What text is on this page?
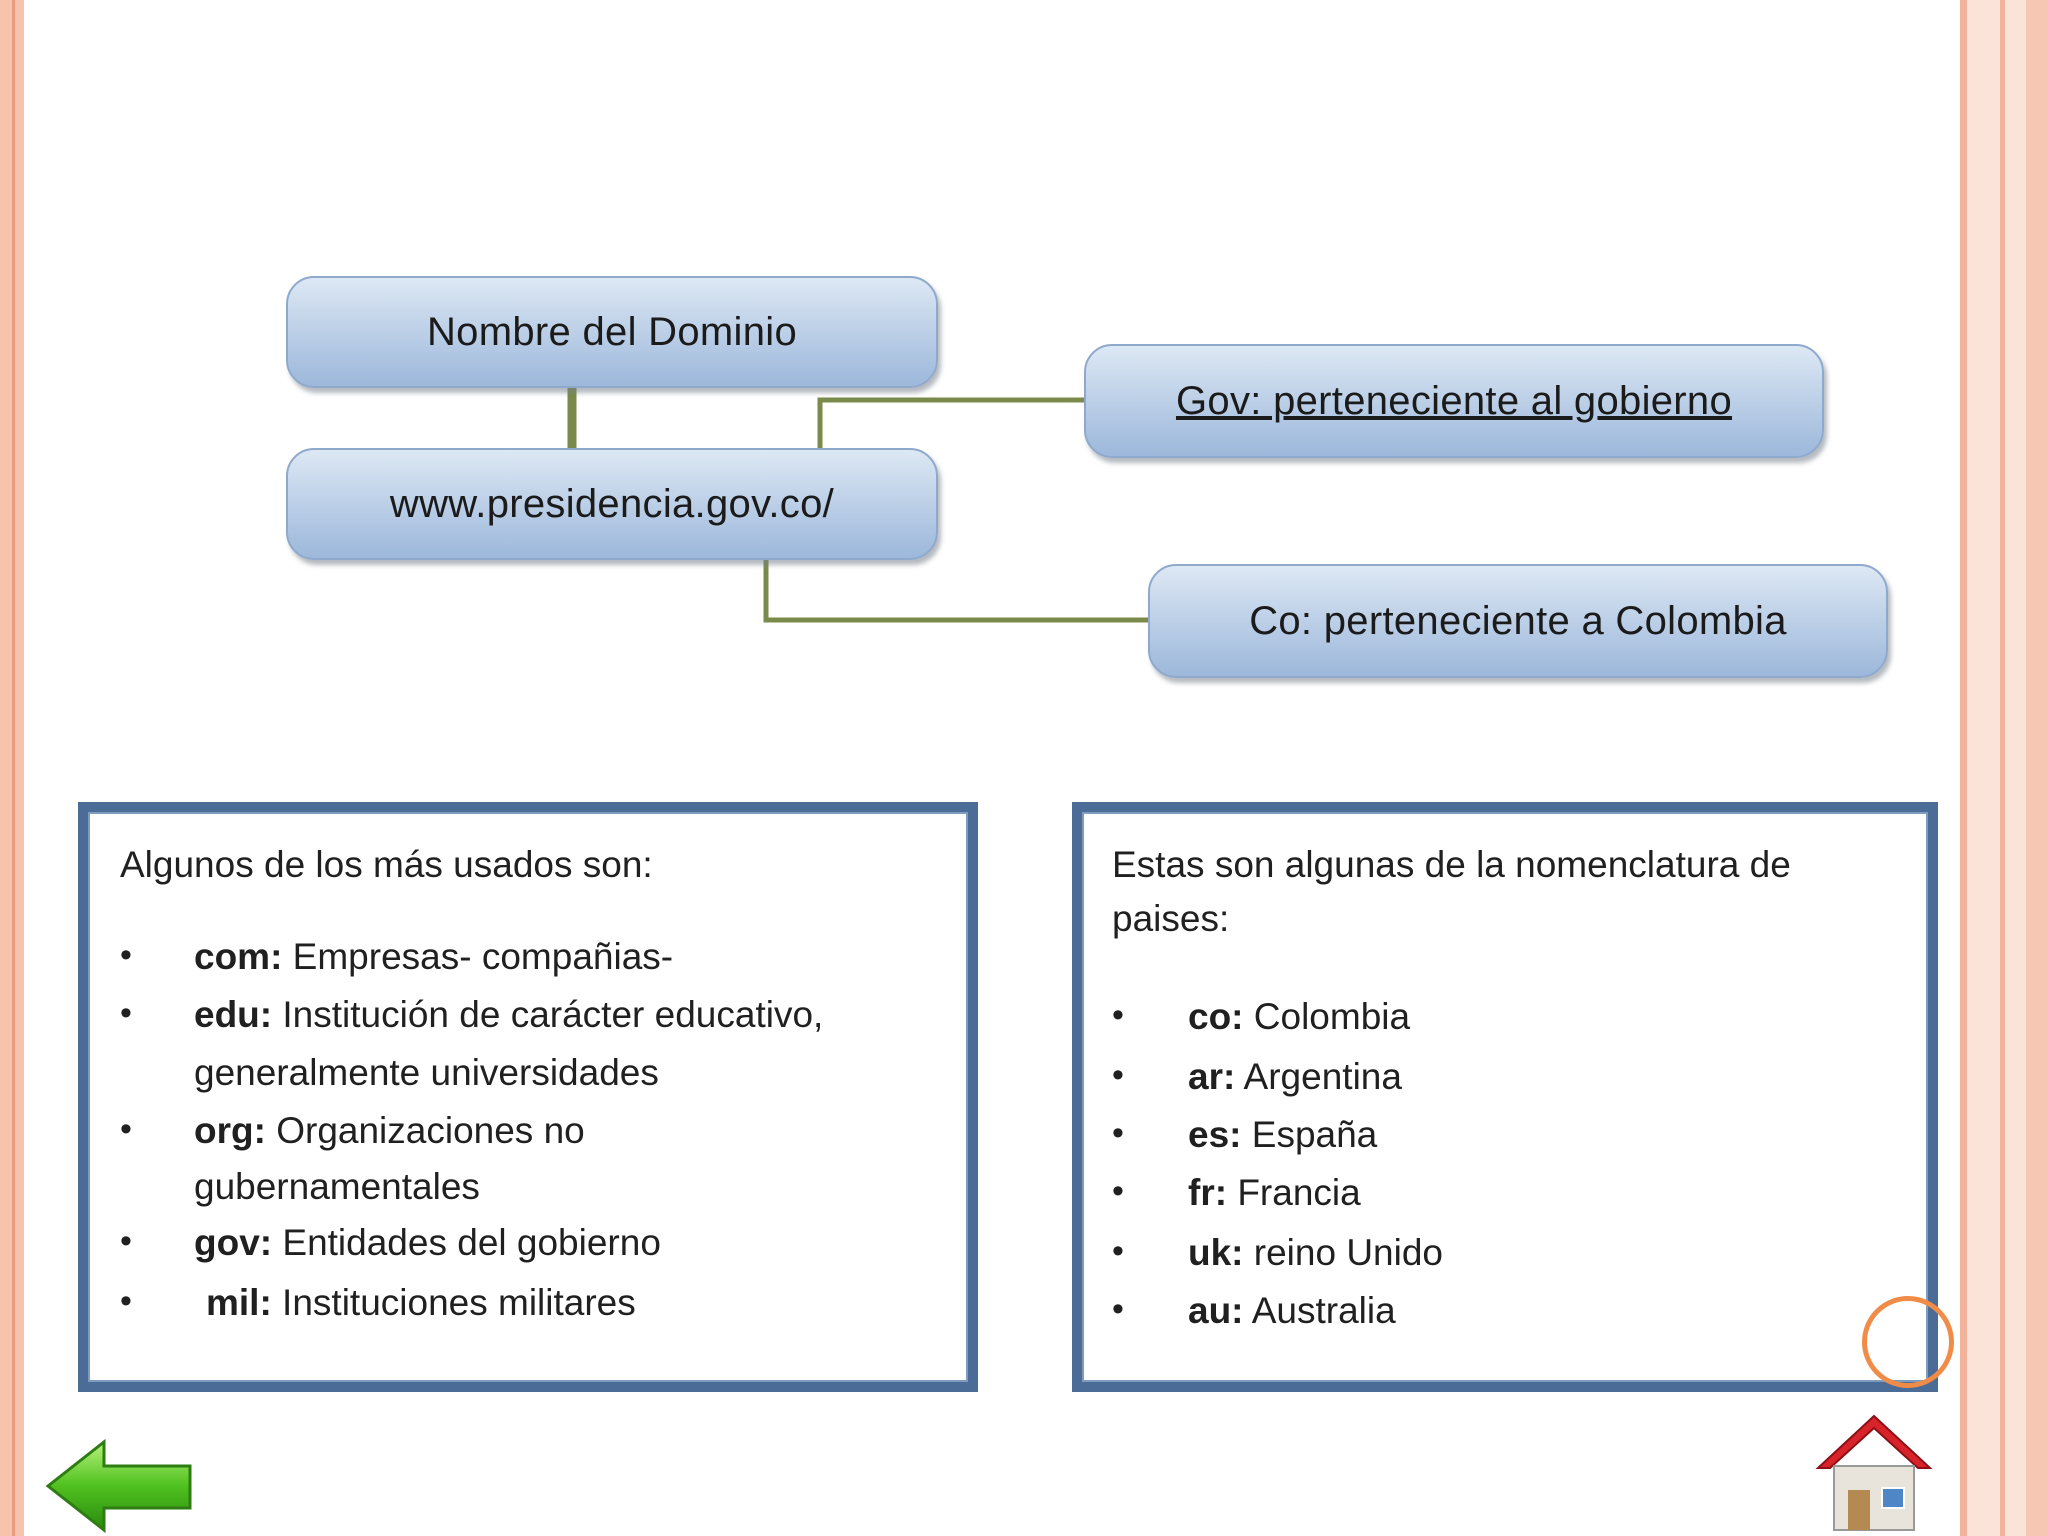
Nombre del Dominio
www.presidencia.gov.co/
Gov: perteneciente al gobierno
Co: perteneciente a Colombia
Algunos de los más usados son:
• com: Empresas- compañias-
• edu: Institución de carácter educativo,
generalmente universidades
• org: Organizaciones no
gubernamentales
• gov: Entidades del gobierno
• mil: Instituciones militares
Estas son algunas de la nomenclatura de
paises:
• co: Colombia
• ar: Argentina
• es: España
• fr: Francia
• uk: reino Unido
• au: Australia
